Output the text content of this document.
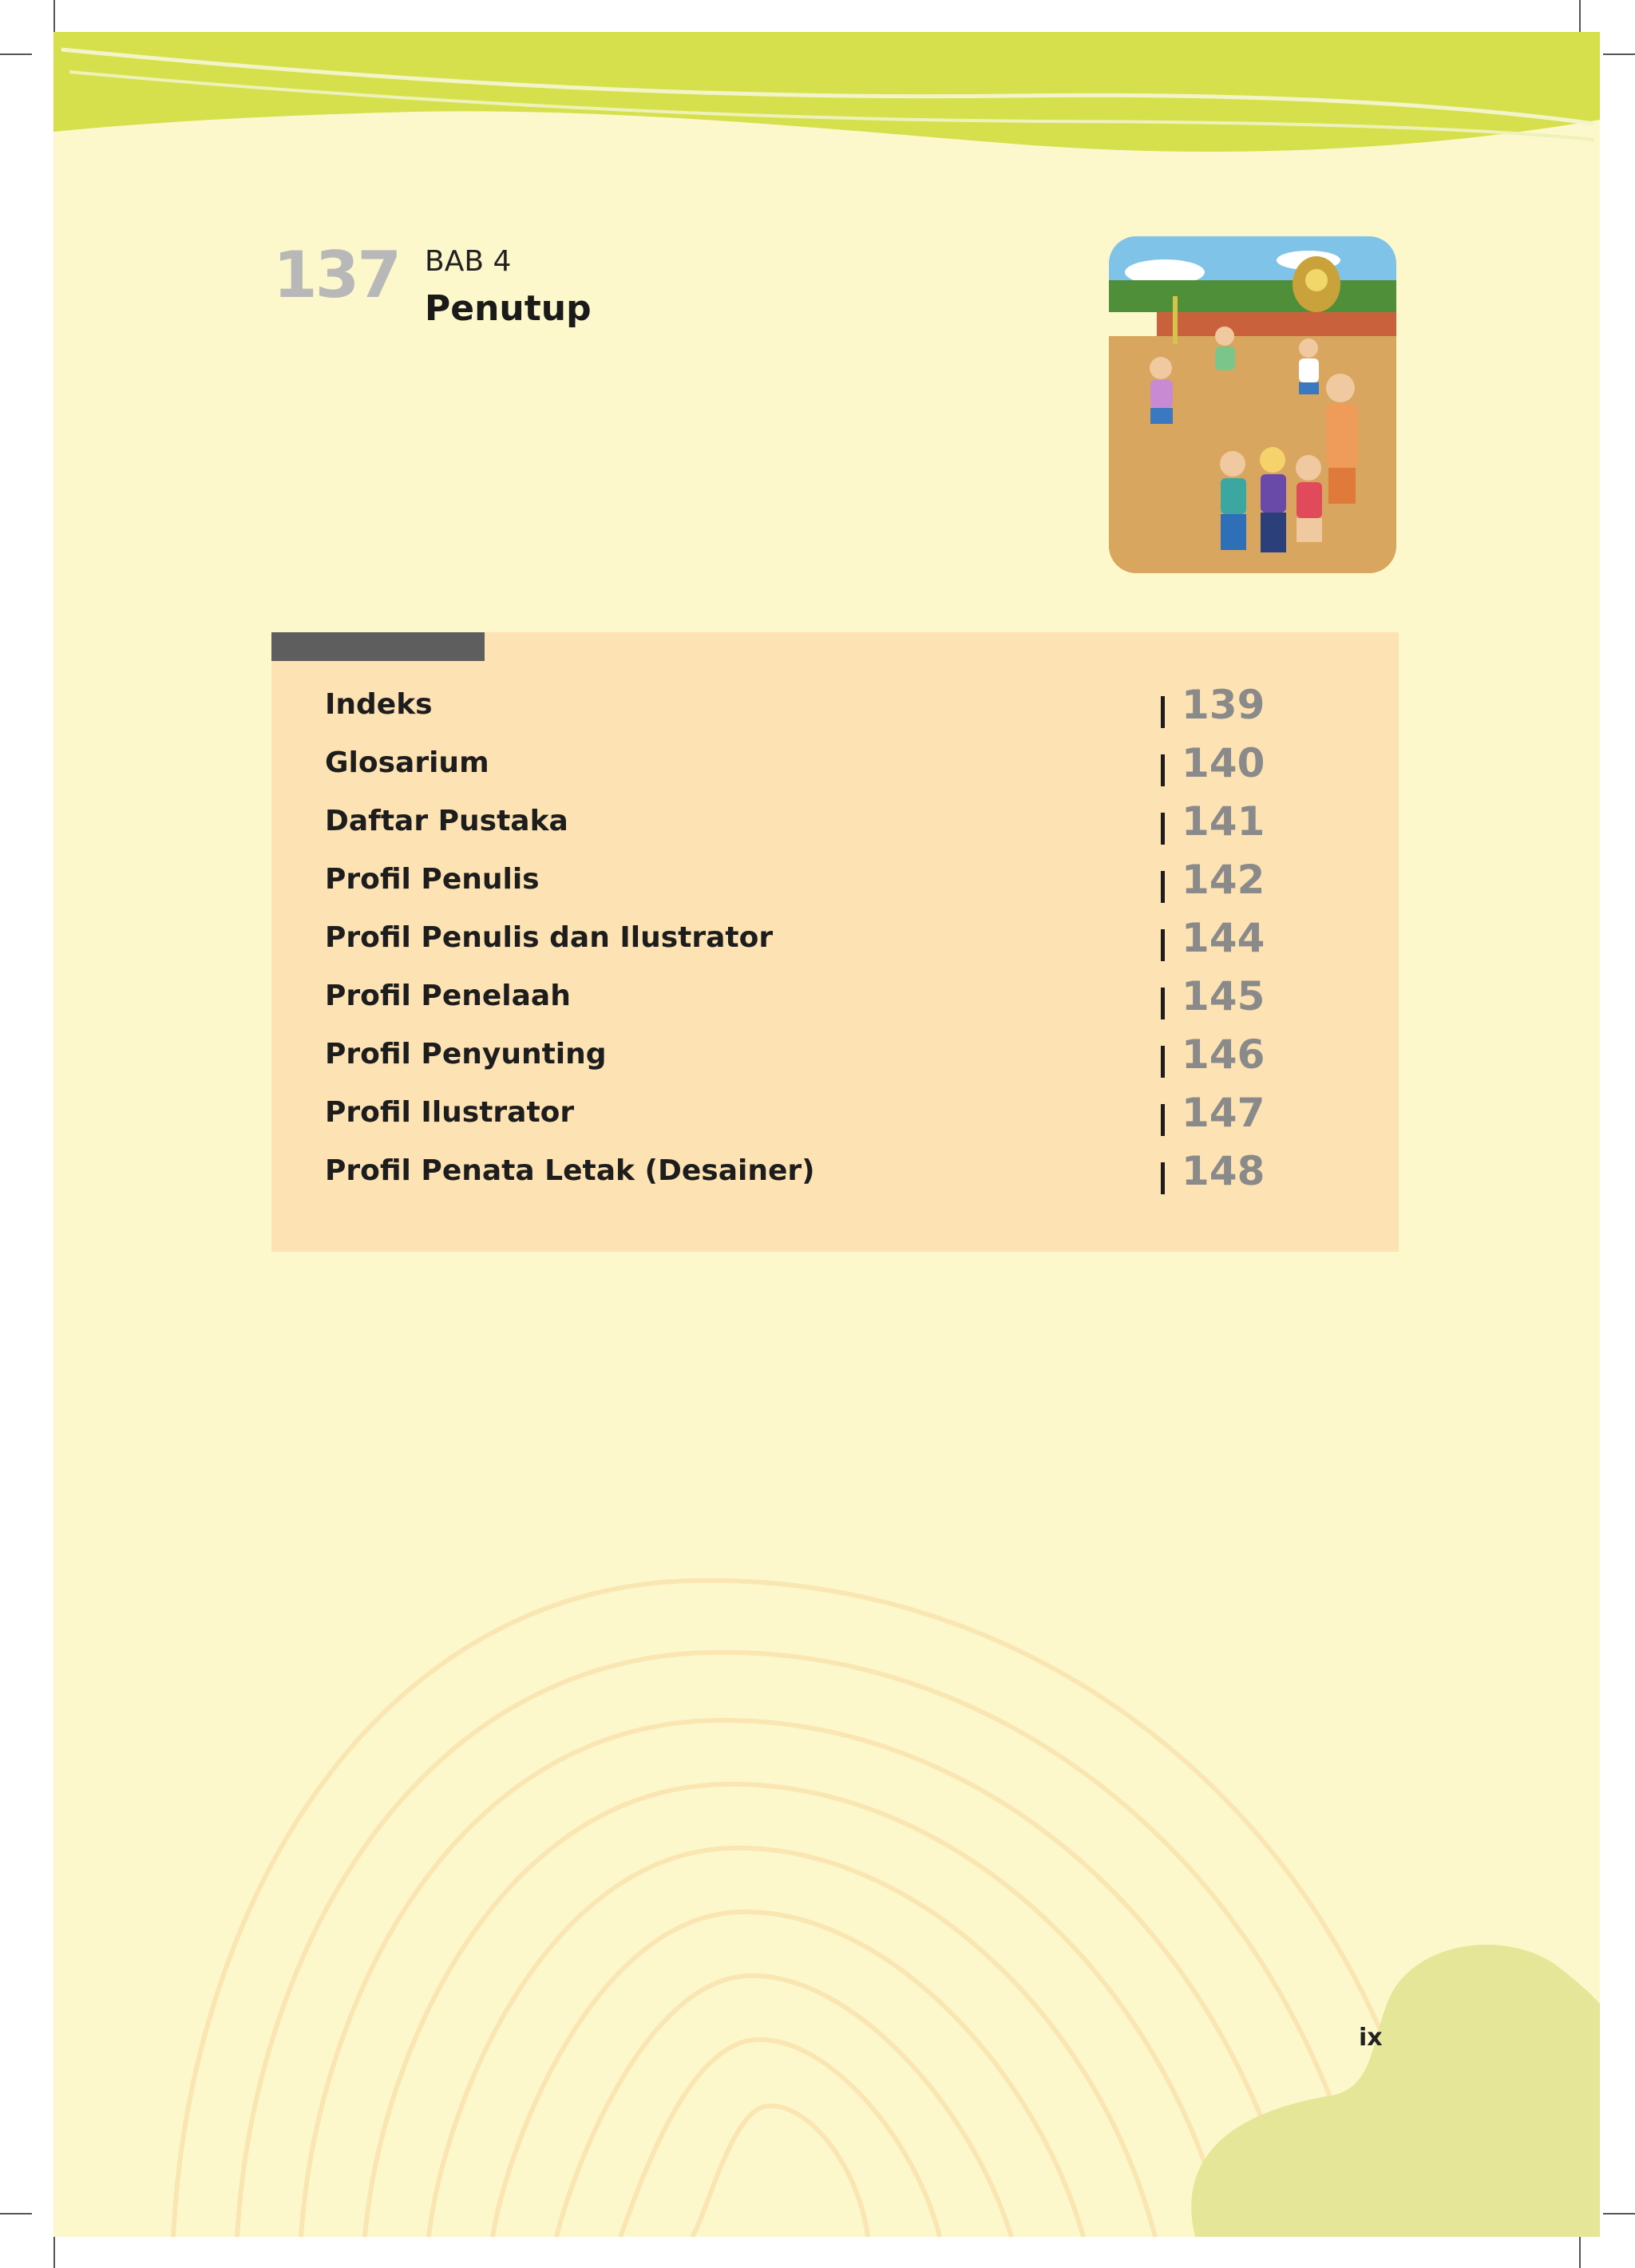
137 BAB 4
Penutup
Indeks	139
Glosarium	140
Daftar Pustaka	141
Profil Penulis	142
Profil Penulis dan Ilustrator	144
Profil Penelaah	145
Profil Penyunting	146
Profil Ilustrator	147
Profil Penata Letak (Desainer)	148
ix
